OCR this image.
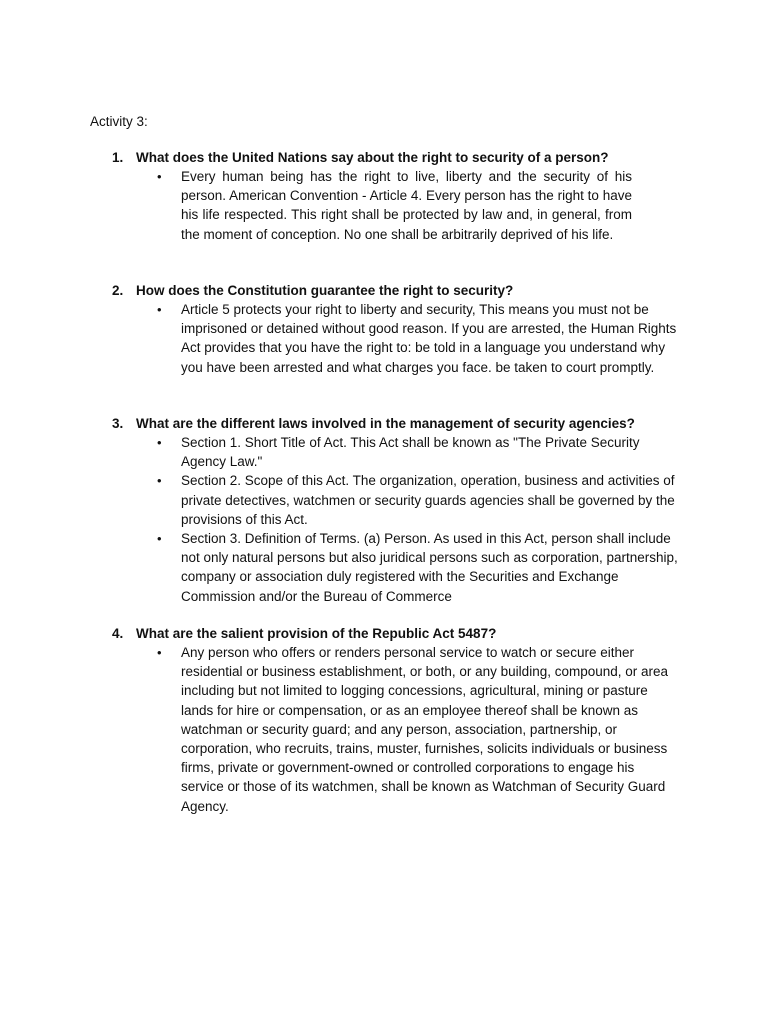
Activity 3:
1. What does the United Nations say about the right to security of a person?
•	Every human being has the right to live, liberty and the security of his person. American Convention - Article 4. Every person has the right to have his life respected. This right shall be protected by law and, in general, from the moment of conception. No one shall be arbitrarily deprived of his life.
2. How does the Constitution guarantee the right to security?
•	Article 5 protects your right to liberty and security, This means you must not be imprisoned or detained without good reason. If you are arrested, the Human Rights Act provides that you have the right to: be told in a language you understand why you have been arrested and what charges you face. be taken to court promptly.
3. What are the different laws involved in the management of security agencies?
•	Section 1. Short Title of Act. This Act shall be known as "The Private Security Agency Law."
•	Section 2. Scope of this Act. The organization, operation, business and activities of private detectives, watchmen or security guards agencies shall be governed by the provisions of this Act.
•	Section 3. Definition of Terms. (a) Person. As used in this Act, person shall include not only natural persons but also juridical persons such as corporation, partnership, company or association duly registered with the Securities and Exchange Commission and/or the Bureau of Commerce
4. What are the salient provision of the Republic Act 5487?
•	Any person who offers or renders personal service to watch or secure either residential or business establishment, or both, or any building, compound, or area including but not limited to logging concessions, agricultural, mining or pasture lands for hire or compensation, or as an employee thereof shall be known as watchman or security guard; and any person, association, partnership, or corporation, who recruits, trains, muster, furnishes, solicits individuals or business firms, private or government-owned or controlled corporations to engage his service or those of its watchmen, shall be known as Watchman of Security Guard Agency.
